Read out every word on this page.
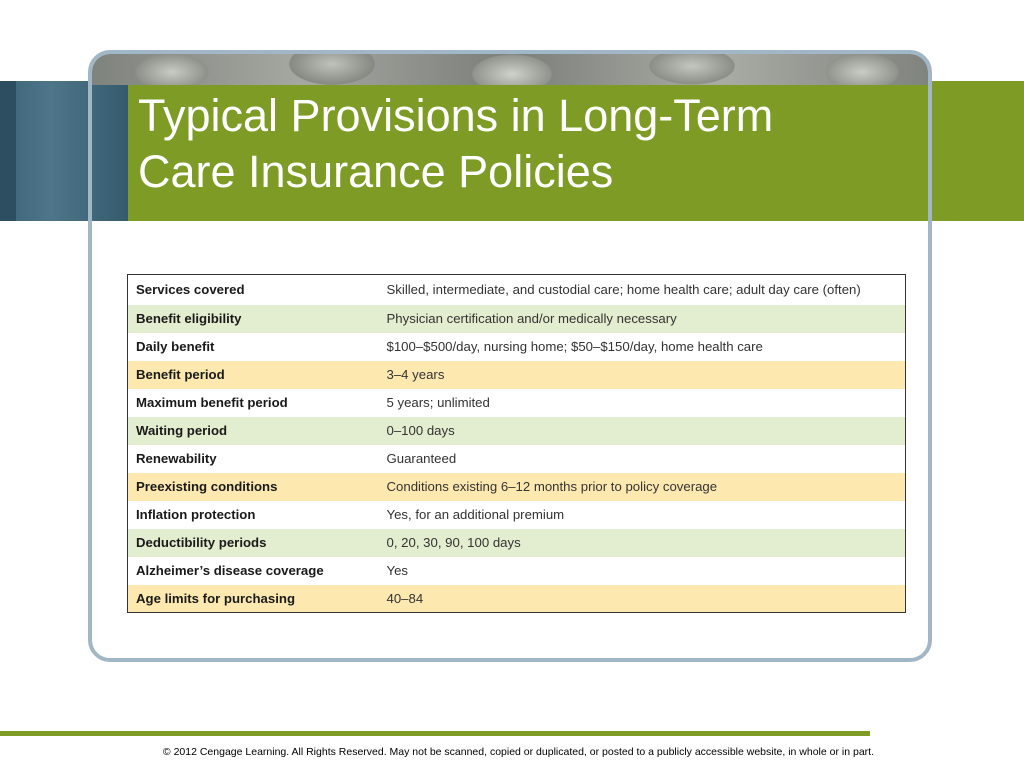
Typical Provisions in Long-Term
Care Insurance Policies
Services covered	Skilled, intermediate, and custodial care; home health care; adult day care (often)
Benefit eligibility	Physician certification and/or medically necessary
Daily benefit	$100–$500/day, nursing home; $50–$150/day, home health care
Benefit period	3–4 years
Maximum benefit period	5 years; unlimited
Waiting period	0–100 days
Renewability	Guaranteed
Preexisting conditions	Conditions existing 6–12 months prior to policy coverage
Inflation protection	Yes, for an additional premium
Deductibility periods	0, 20, 30, 90, 100 days
Alzheimer’s disease coverage	Yes
Age limits for purchasing	40–84
© 2012 Cengage Learning. All Rights Reserved. May not be scanned, copied or duplicated, or posted to a publicly accessible website, in whole or in part.
